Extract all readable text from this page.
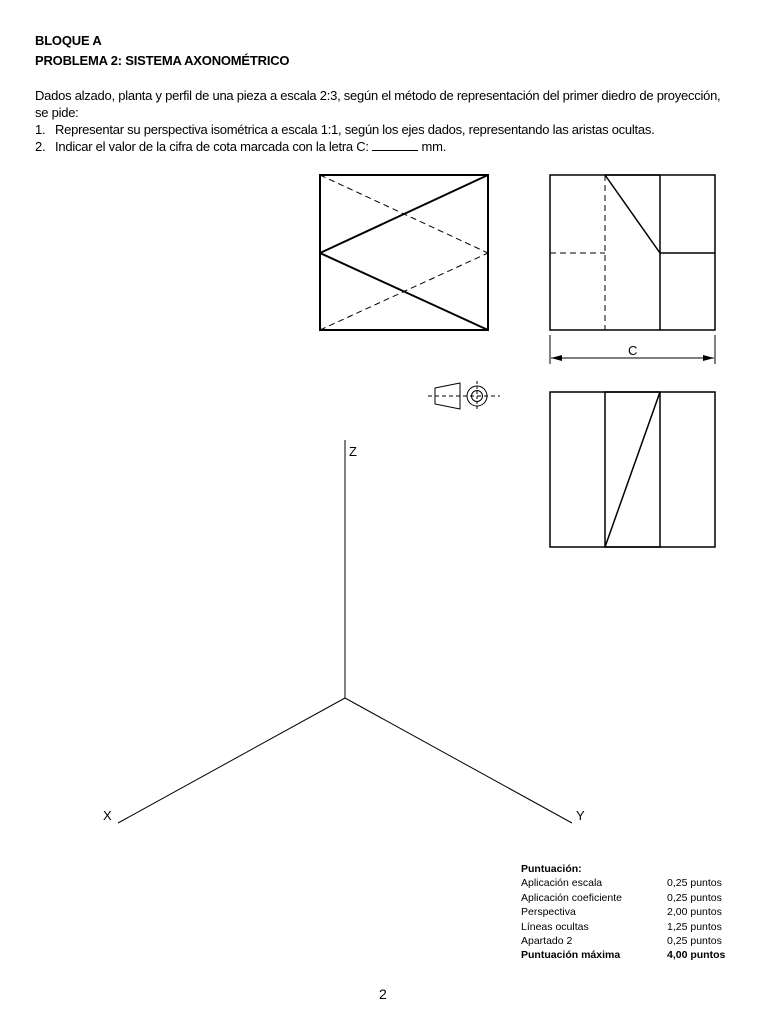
BLOQUE A
PROBLEMA 2: SISTEMA AXONOMÉTRICO
Dados alzado, planta y perfil de una pieza a escala 2:3, según el método de representación del primer diedro de proyección,
se pide:
1. Representar su perspectiva isométrica a escala 1:1, según los ejes dados, representando las aristas ocultas.
2. Indicar el valor de la cifra de cota marcada con la letra C:	mm.
C
Z
X	Y
Puntuación:
Aplicación escala	0,25 puntos
Aplicación coeficiente	0,25 puntos
Perspectiva	2,00 puntos
Líneas ocultas	1,25 puntos
Apartado 2	0,25 puntos
Puntuación máxima	4,00 puntos
2
